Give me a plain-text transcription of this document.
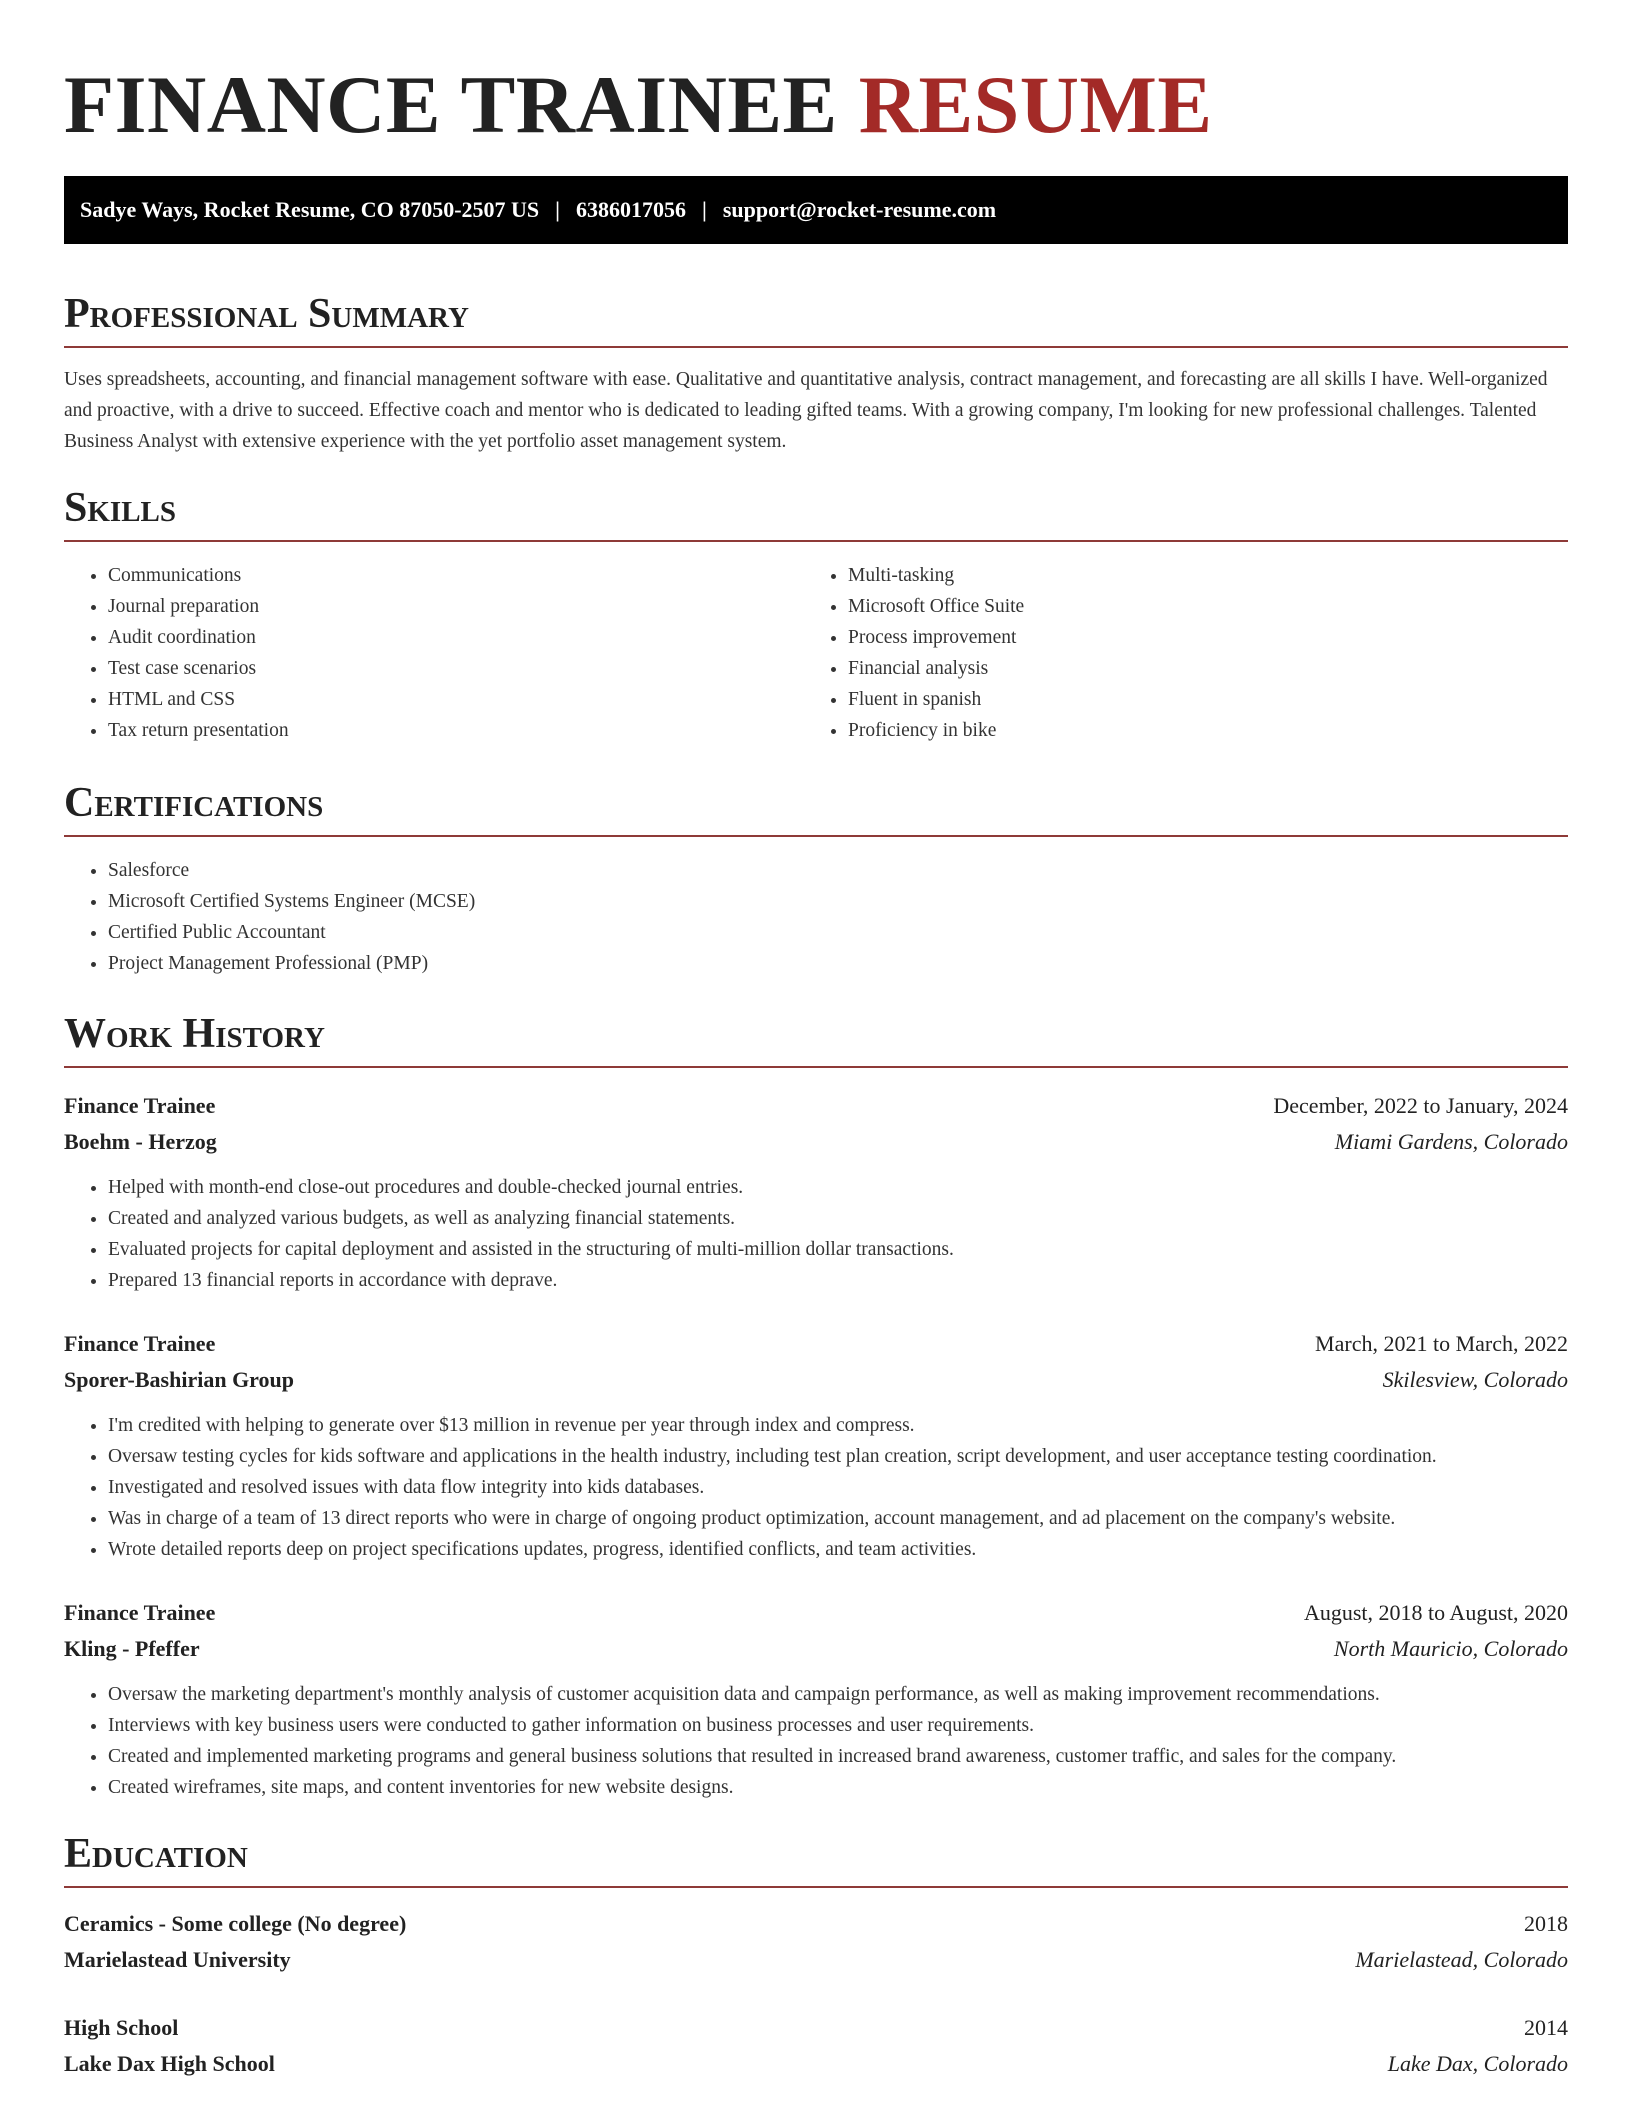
FINANCE TRAINEE RESUME
Sadye Ways, Rocket Resume, CO 87050-2507 US | 6386017056 | support@rocket-resume.com
Professional Summary

Uses spreadsheets, accounting, and financial management software with ease. Qualitative and quantitative analysis, contract management, and forecasting are all skills I have. Well-organized and proactive, with a drive to succeed. Effective coach and mentor who is dedicated to leading gifted teams. With a growing company, I'm looking for new professional challenges. Talented Business Analyst with extensive experience with the yet portfolio asset management system.

Skills
• Communications
• Journal preparation
• Audit coordination
• Test case scenarios
• HTML and CSS
• Tax return presentation
• Multi-tasking
• Microsoft Office Suite
• Process improvement
• Financial analysis
• Fluent in spanish
• Proficiency in bike
Certifications
• Salesforce
• Microsoft Certified Systems Engineer (MCSE)
• Certified Public Accountant
• Project Management Professional (PMP)
Work History
Finance Trainee	December, 2022 to January, 2024
Boehm - Herzog	Miami Gardens, Colorado
• Helped with month-end close-out procedures and double-checked journal entries.
• Created and analyzed various budgets, as well as analyzing financial statements.
• Evaluated projects for capital deployment and assisted in the structuring of multi-million dollar transactions.
• Prepared 13 financial reports in accordance with deprave.
Finance Trainee	March, 2021 to March, 2022
Sporer-Bashirian Group	Skilesview, Colorado
• I'm credited with helping to generate over $13 million in revenue per year through index and compress.
• Oversaw testing cycles for kids software and applications in the health industry, including test plan creation, script development, and user acceptance testing coordination.
• Investigated and resolved issues with data flow integrity into kids databases.
• Was in charge of a team of 13 direct reports who were in charge of ongoing product optimization, account management, and ad placement on the company's website.
• Wrote detailed reports deep on project specifications updates, progress, identified conflicts, and team activities.
Finance Trainee	August, 2018 to August, 2020
Kling - Pfeffer	North Mauricio, Colorado
• Oversaw the marketing department's monthly analysis of customer acquisition data and campaign performance, as well as making improvement recommendations.
• Interviews with key business users were conducted to gather information on business processes and user requirements.
• Created and implemented marketing programs and general business solutions that resulted in increased brand awareness, customer traffic, and sales for the company.
• Created wireframes, site maps, and content inventories for new website designs.
Education
Ceramics - Some college (No degree)	2018
Marielastead University	Marielastead, Colorado
High School	2014
Lake Dax High School	Lake Dax, Colorado
